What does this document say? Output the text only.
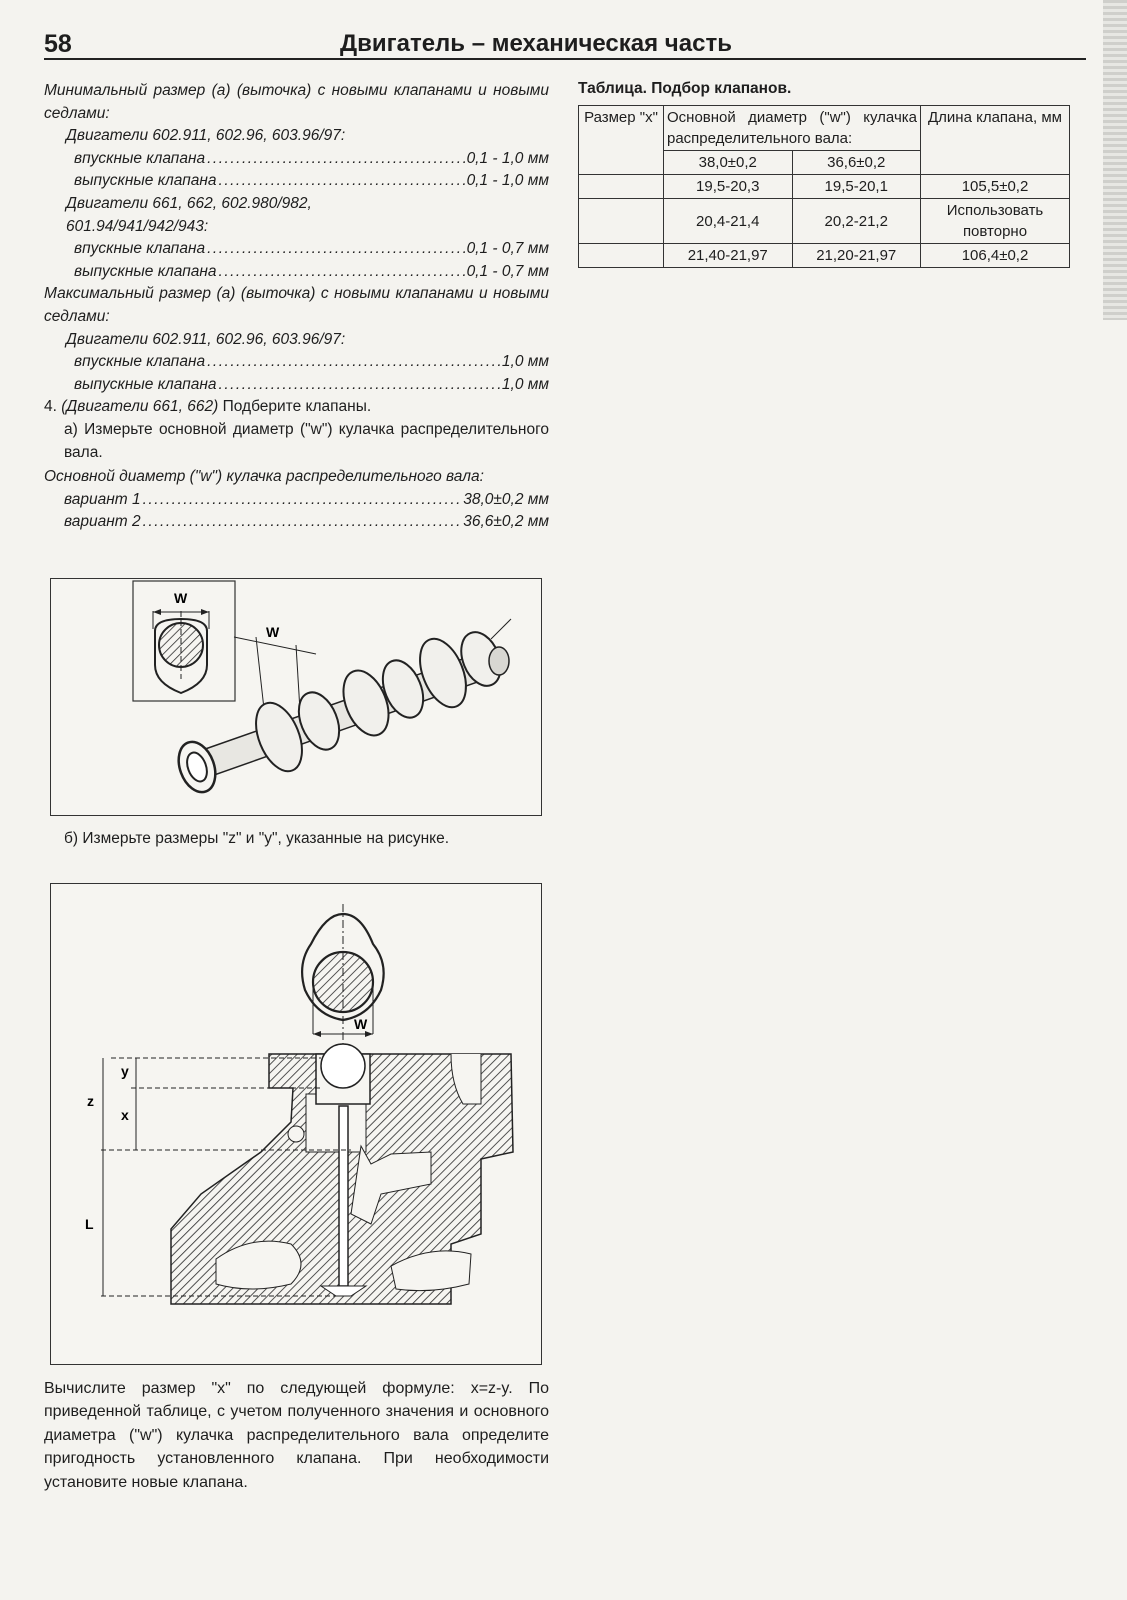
58	Двигатель – механическая часть
Минимальный размер (а) (выточка) с новыми клапанами и новыми седлами:
Двигатели 602.911, 602.96, 603.96/97:
впускные клапана .....	0,1 - 1,0 мм
выпускные клапана .....	0,1 - 1,0 мм
Двигатели 661, 662, 602.980/982,
601.94/941/942/943:
впускные клапана .....	0,1 - 0,7 мм
выпускные клапана .....	0,1 - 0,7 мм
Максимальный размер (а) (выточка) с новыми клапанами и новыми седлами:
Двигатели 602.911, 602.96, 603.96/97:
впускные клапана .....	1,0 мм
выпускные клапана .....	1,0 мм
4. (Двигатели 661, 662) Подберите клапаны.
а) Измерьте основной диаметр ("w") кулачка распределительного вала.
Основной диаметр ("w") кулачка распределительного вала:
вариант 1 .....	38,0±0,2 мм
вариант 2 .....	36,6±0,2 мм
W
W
б) Измерьте размеры "z" и "y", указанные на рисунке.
W
y
z
x
L
Вычислите размер "x" по следующей формуле: x=z-y. По приведенной таблице, с учетом полученного значения и основного диаметра ("w") кулачка распределительного вала определите пригодность установленного клапана. При необходимости установите новые клапана.
Таблица. Подбор клапанов.
Размер "x"	Основной диаметр ("w") кулачка распределительного вала:		Длина клапана, мм
	38,0±0,2	36,6±0,2	
	19,5-20,3	19,5-20,1	105,5±0,2
	20,4-21,4	20,2-21,2	Использовать повторно
	21,40-21,97	21,20-21,97	106,4±0,2
